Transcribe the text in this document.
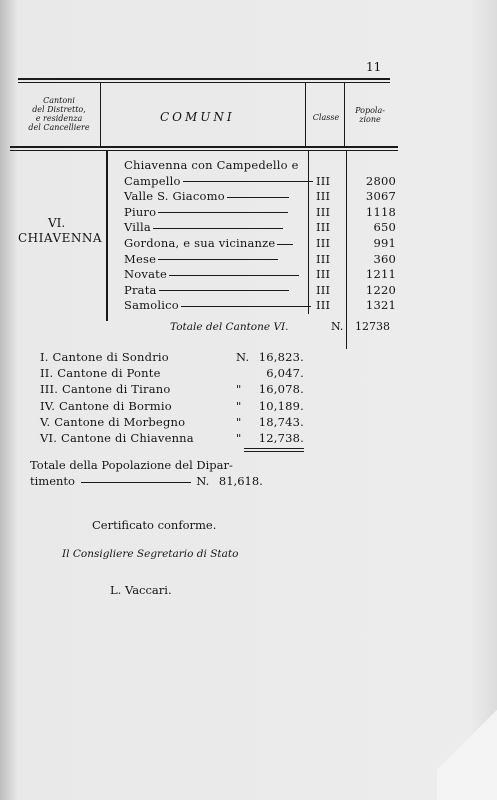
11
Cantoni
del Distretto,
e residenza
del Cancelliere
COMUNI	Classe
Popola-
zione
VI.
CHIAVENNA
Chiavenna con Campedello e
Campello	III	2800
Valle S. Giacomo	III	3067
Piuro	III	1118
Villa	III	650
Gordona, e sua vicinanze	III	991
Mese	III	360
Novate	III	1211
Prata	III	1220
Samolico	III	1321
Totale del Cantone VI.	N. 12738
I. Cantone di Sondrio	N. 16,823.
II. Cantone di Ponte	6,047.
III. Cantone di Tirano	"	16,078.
IV. Cantone di Bormio	"	10,189.
V. Cantone di Morbegno	"	18,743.
VI. Cantone di Chiavenna	"	12,738.
Totale della Popolazione del Dipar-
timento	N. 81,618.
Certificato conforme.
Il Consigliere Segretario di Stato
L. Vaccari.
